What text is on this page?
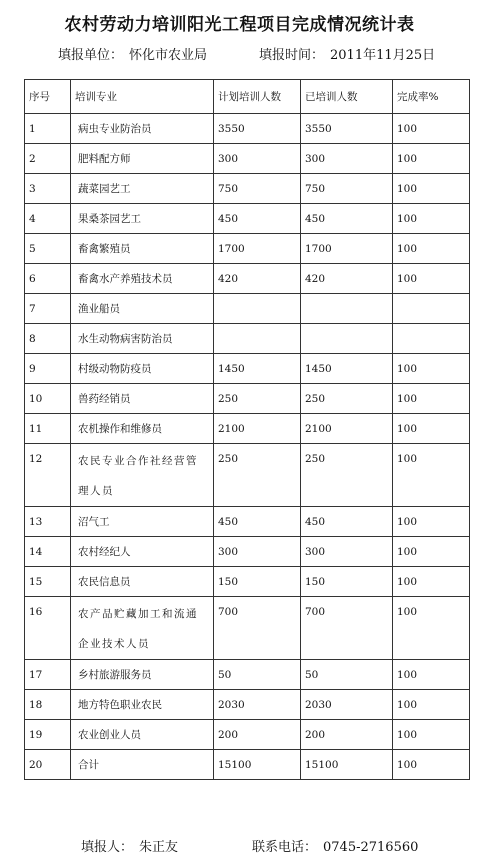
农村劳动力培训阳光工程项目完成情况统计表
填报单位： 怀化市农业局	填报时间： 2011年11月25日
序号	培训专业	计划培训人数	已培训人数	完成率%
1	病虫专业防治员	3550	3550	100
2	肥料配方师	300	300	100
3	蔬菜园艺工	750	750	100
4	果桑茶园艺工	450	450	100
5	畜禽繁殖员	1700	1700	100
6	畜禽水产养殖技术员	420	420	100
7	渔业船员			
8	水生动物病害防治员			
9	村级动物防疫员	1450	1450	100
10	兽药经销员	250	250	100
11	农机操作和维修员	2100	2100	100
12	农民专业合作社经营管理人员	250	250	100
13	沼气工	450	450	100
14	农村经纪人	300	300	100
15	农民信息员	150	150	100
16	农产品贮藏加工和流通企业技术人员	700	700	100
17	乡村旅游服务员	50	50	100
18	地方特色职业农民	2030	2030	100
19	农业创业人员	200	200	100
20	合计	15100	15100	100
填报人： 朱正友	联系电话： 0745-2716560
